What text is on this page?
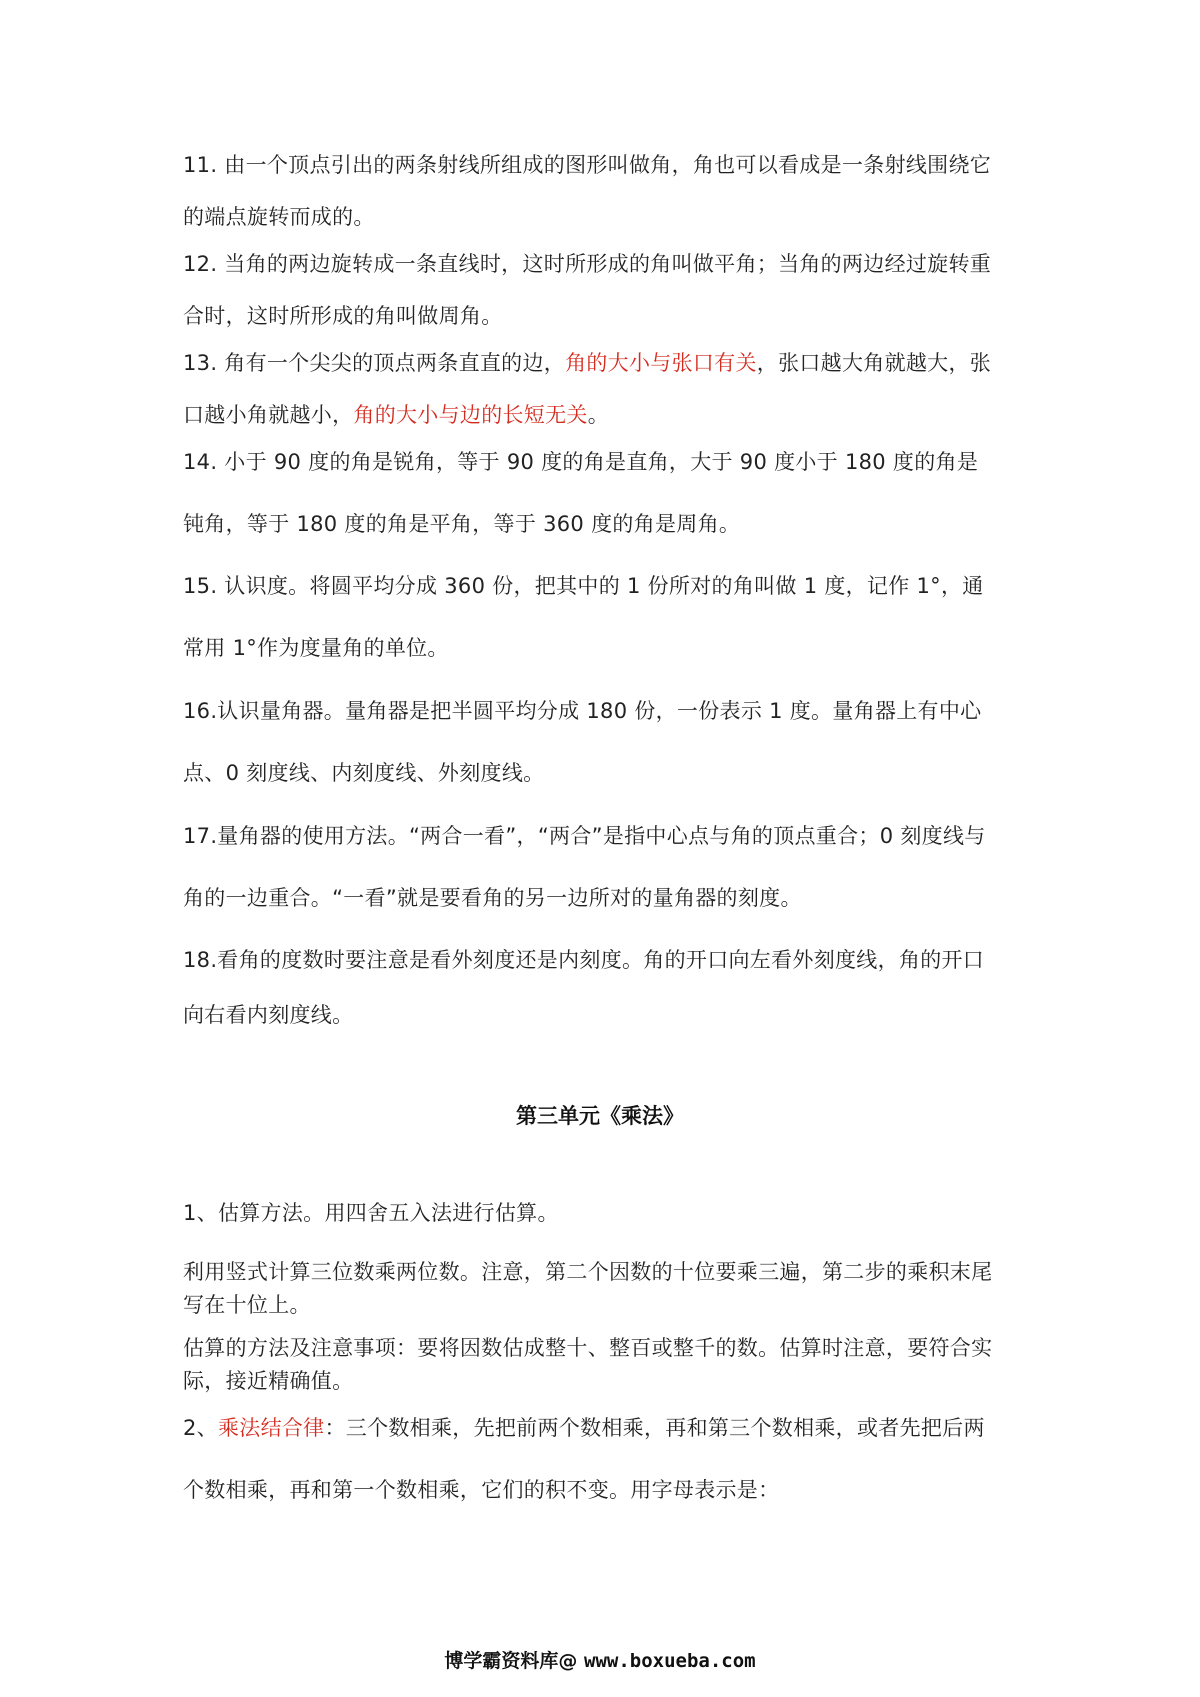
11. 由一个顶点引出的两条射线所组成的图形叫做角，角也可以看成是一条射线围绕它
的端点旋转而成的。
12. 当角的两边旋转成一条直线时，这时所形成的角叫做平角；当角的两边经过旋转重
合时，这时所形成的角叫做周角。
13. 角有一个尖尖的顶点两条直直的边，角的大小与张口有关，张口越大角就越大，张
口越小角就越小，角的大小与边的长短无关。
14. 小于 90 度的角是锐角，等于 90 度的角是直角，大于 90 度小于 180 度的角是
钝角，等于 180 度的角是平角，等于 360 度的角是周角。
15. 认识度。将圆平均分成 360 份，把其中的 1 份所对的角叫做 1 度，记作 1°，通
常用 1°作为度量角的单位。
16.认识量角器。量角器是把半圆平均分成 180 份，一份表示 1 度。量角器上有中心
点、0 刻度线、内刻度线、外刻度线。
17.量角器的使用方法。“两合一看”，“两合”是指中心点与角的顶点重合；0 刻度线与
角的一边重合。“一看”就是要看角的另一边所对的量角器的刻度。
18.看角的度数时要注意是看外刻度还是内刻度。角的开口向左看外刻度线，角的开口
向右看内刻度线。
第三单元《乘法》
1、估算方法。用四舍五入法进行估算。
利用竖式计算三位数乘两位数。注意，第二个因数的十位要乘三遍，第二步的乘积末尾
写在十位上。
估算的方法及注意事项：要将因数估成整十、整百或整千的数。估算时注意，要符合实
际，接近精确值。
2、乘法结合律：三个数相乘，先把前两个数相乘，再和第三个数相乘，或者先把后两
个数相乘，再和第一个数相乘，它们的积不变。用字母表示是：
博学霸资料库@ www.boxueba.com
